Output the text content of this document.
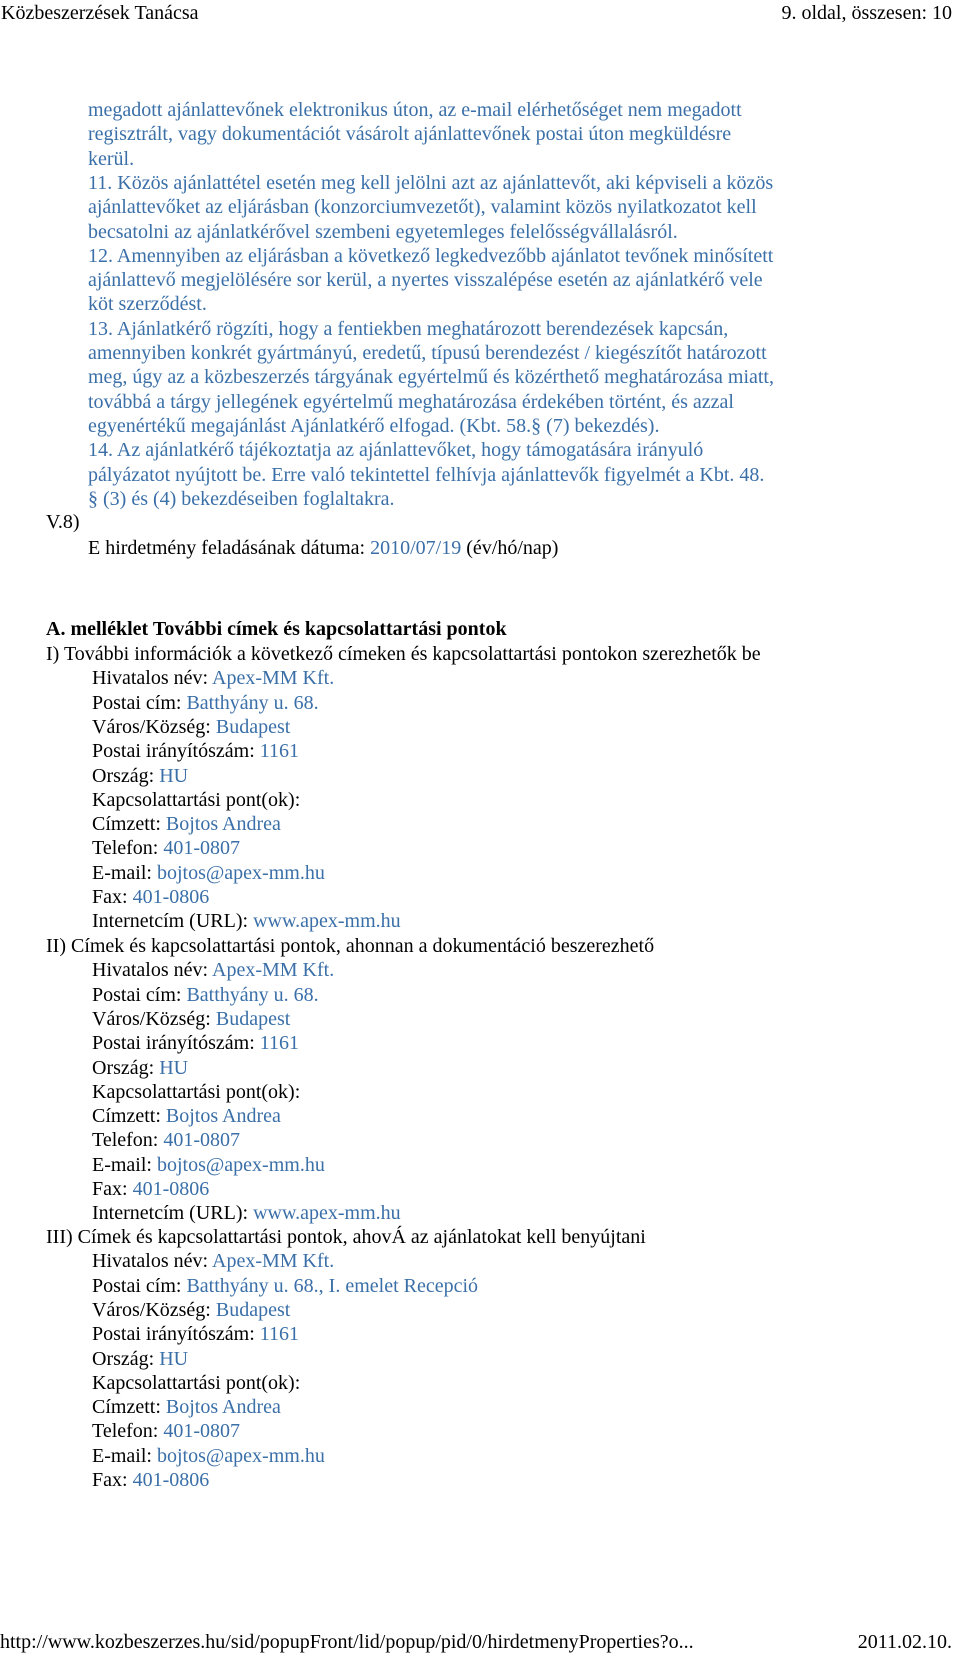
Közbeszerzések Tanácsa	9. oldal, összesen: 10
megadott ajánlattevőnek elektronikus úton, az e-mail elérhetőséget nem megadott
regisztrált, vagy dokumentációt vásárolt ajánlattevőnek postai úton megküldésre
kerül.
11. Közös ajánlattétel esetén meg kell jelölni azt az ajánlattevőt, aki képviseli a közös
ajánlattevőket az eljárásban (konzorciumvezetőt), valamint közös nyilatkozatot kell
becsatolni az ajánlatkérővel szembeni egyetemleges felelősségvállalásról.
12. Amennyiben az eljárásban a következő legkedvezőbb ajánlatot tevőnek minősített
ajánlattevő megjelölésére sor kerül, a nyertes visszalépése esetén az ajánlatkérő vele
köt szerződést.
13. Ajánlatkérő rögzíti, hogy a fentiekben meghatározott berendezések kapcsán,
amennyiben konkrét gyártmányú, eredetű, típusú berendezést / kiegészítőt határozott
meg, úgy az a közbeszerzés tárgyának egyértelmű és közérthető meghatározása miatt,
továbbá a tárgy jellegének egyértelmű meghatározása érdekében történt, és azzal
egyenértékű megajánlást Ajánlatkérő elfogad. (Kbt. 58.§ (7) bekezdés).
14. Az ajánlatkérő tájékoztatja az ajánlattevőket, hogy támogatására irányuló
pályázatot nyújtott be. Erre való tekintettel felhívja ajánlattevők figyelmét a Kbt. 48.
§ (3) és (4) bekezdéseiben foglaltakra.
V.8)
E hirdetmény feladásának dátuma: 2010/07/19 (év/hó/nap)
A. melléklet További címek és kapcsolattartási pontok
I) További információk a következő címeken és kapcsolattartási pontokon szerezhetők be
Hivatalos név: Apex-MM Kft.
Postai cím: Batthyány u. 68.
Város/Község: Budapest
Postai irányítószám: 1161
Ország: HU
Kapcsolattartási pont(ok):
Címzett: Bojtos Andrea
Telefon: 401-0807
E-mail: bojtos@apex-mm.hu
Fax: 401-0806
Internetcím (URL): www.apex-mm.hu
II) Címek és kapcsolattartási pontok, ahonnan a dokumentáció beszerezhető
Hivatalos név: Apex-MM Kft.
Postai cím: Batthyány u. 68.
Város/Község: Budapest
Postai irányítószám: 1161
Ország: HU
Kapcsolattartási pont(ok):
Címzett: Bojtos Andrea
Telefon: 401-0807
E-mail: bojtos@apex-mm.hu
Fax: 401-0806
Internetcím (URL): www.apex-mm.hu
III) Címek és kapcsolattartási pontok, ahovÁ az ajánlatokat kell benyújtani
Hivatalos név: Apex-MM Kft.
Postai cím: Batthyány u. 68., I. emelet Recepció
Város/Község: Budapest
Postai irányítószám: 1161
Ország: HU
Kapcsolattartási pont(ok):
Címzett: Bojtos Andrea
Telefon: 401-0807
E-mail: bojtos@apex-mm.hu
Fax: 401-0806
http://www.kozbeszerzes.hu/sid/popupFront/lid/popup/pid/0/hirdetmenyProperties?o...	2011.02.10.
